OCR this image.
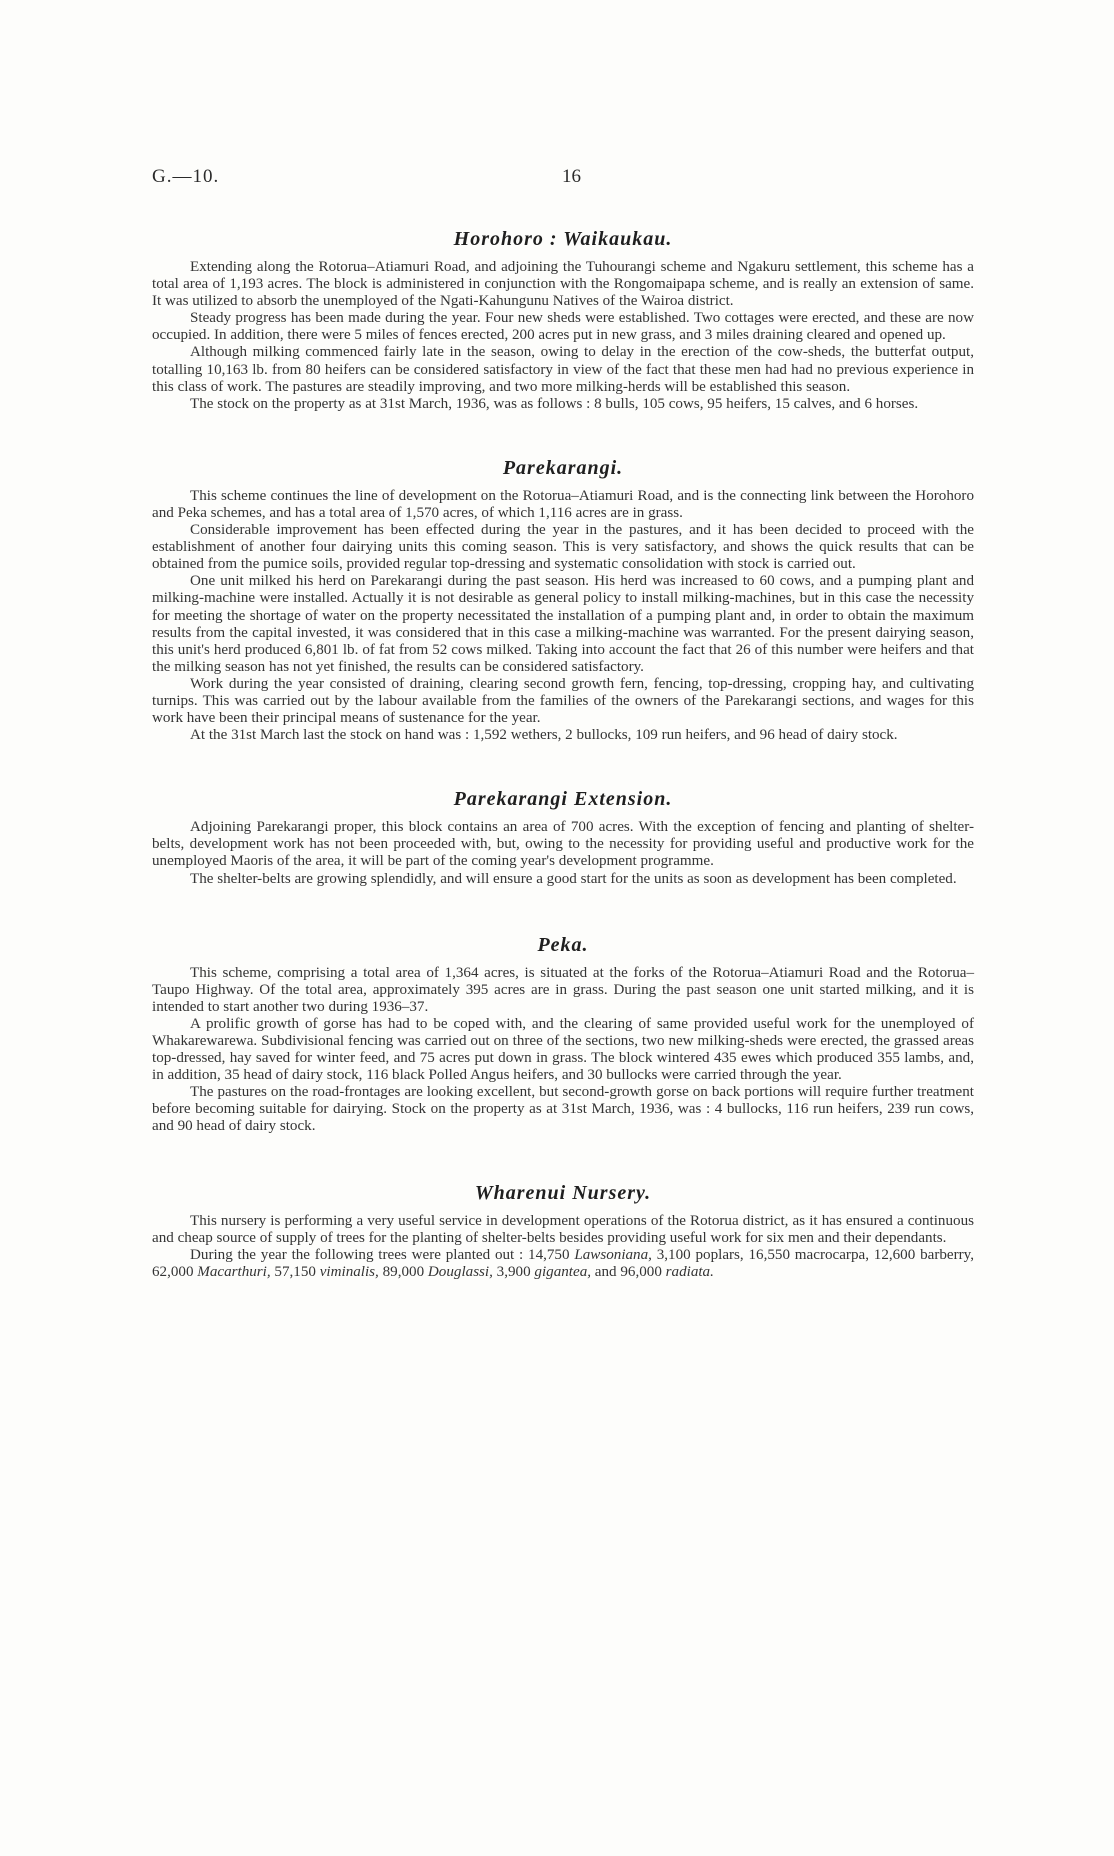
G.—10.	16
Horohoro : Waikaukau.

Extending along the Rotorua–Atiamuri Road, and adjoining the Tuhourangi scheme and Ngakuru settlement, this scheme has a total area of 1,193 acres. The block is administered in conjunction with the Rongomaipapa scheme, and is really an extension of same. It was utilized to absorb the unemployed of the Ngati-Kahungunu Natives of the Wairoa district.

Steady progress has been made during the year. Four new sheds were established. Two cottages were erected, and these are now occupied. In addition, there were 5 miles of fences erected, 200 acres put in new grass, and 3 miles draining cleared and opened up.

Although milking commenced fairly late in the season, owing to delay in the erection of the cow-sheds, the butterfat output, totalling 10,163 lb. from 80 heifers can be considered satisfactory in view of the fact that these men had had no previous experience in this class of work. The pastures are steadily improving, and two more milking-herds will be established this season.

The stock on the property as at 31st March, 1936, was as follows : 8 bulls, 105 cows, 95 heifers, 15 calves, and 6 horses.

Parekarangi.

This scheme continues the line of development on the Rotorua–Atiamuri Road, and is the connecting link between the Horohoro and Peka schemes, and has a total area of 1,570 acres, of which 1,116 acres are in grass.

Considerable improvement has been effected during the year in the pastures, and it has been decided to proceed with the establishment of another four dairying units this coming season. This is very satisfactory, and shows the quick results that can be obtained from the pumice soils, provided regular top-dressing and systematic consolidation with stock is carried out.

One unit milked his herd on Parekarangi during the past season. His herd was increased to 60 cows, and a pumping plant and milking-machine were installed. Actually it is not desirable as general policy to install milking-machines, but in this case the necessity for meeting the shortage of water on the property necessitated the installation of a pumping plant and, in order to obtain the maximum results from the capital invested, it was considered that in this case a milking-machine was warranted. For the present dairying season, this unit's herd produced 6,801 lb. of fat from 52 cows milked. Taking into account the fact that 26 of this number were heifers and that the milking season has not yet finished, the results can be considered satisfactory.

Work during the year consisted of draining, clearing second growth fern, fencing, top-dressing, cropping hay, and cultivating turnips. This was carried out by the labour available from the families of the owners of the Parekarangi sections, and wages for this work have been their principal means of sustenance for the year.

At the 31st March last the stock on hand was : 1,592 wethers, 2 bullocks, 109 run heifers, and 96 head of dairy stock.

Parekarangi Extension.

Adjoining Parekarangi proper, this block contains an area of 700 acres. With the exception of fencing and planting of shelter-belts, development work has not been proceeded with, but, owing to the necessity for providing useful and productive work for the unemployed Maoris of the area, it will be part of the coming year's development programme.

The shelter-belts are growing splendidly, and will ensure a good start for the units as soon as development has been completed.

Peka.

This scheme, comprising a total area of 1,364 acres, is situated at the forks of the Rotorua–Atiamuri Road and the Rotorua–Taupo Highway. Of the total area, approximately 395 acres are in grass. During the past season one unit started milking, and it is intended to start another two during 1936–37.

A prolific growth of gorse has had to be coped with, and the clearing of same provided useful work for the unemployed of Whakarewarewa. Subdivisional fencing was carried out on three of the sections, two new milking-sheds were erected, the grassed areas top-dressed, hay saved for winter feed, and 75 acres put down in grass. The block wintered 435 ewes which produced 355 lambs, and, in addition, 35 head of dairy stock, 116 black Polled Angus heifers, and 30 bullocks were carried through the year.

The pastures on the road-frontages are looking excellent, but second-growth gorse on back portions will require further treatment before becoming suitable for dairying. Stock on the property as at 31st March, 1936, was : 4 bullocks, 116 run heifers, 239 run cows, and 90 head of dairy stock.

Wharenui Nursery.

This nursery is performing a very useful service in development operations of the Rotorua district, as it has ensured a continuous and cheap source of supply of trees for the planting of shelter-belts besides providing useful work for six men and their dependants.

During the year the following trees were planted out : 14,750 Lawsoniana, 3,100 poplars, 16,550 macrocarpa, 12,600 barberry, 62,000 Macarthuri, 57,150 viminalis, 89,000 Douglassi, 3,900 gigantea, and 96,000 radiata.
